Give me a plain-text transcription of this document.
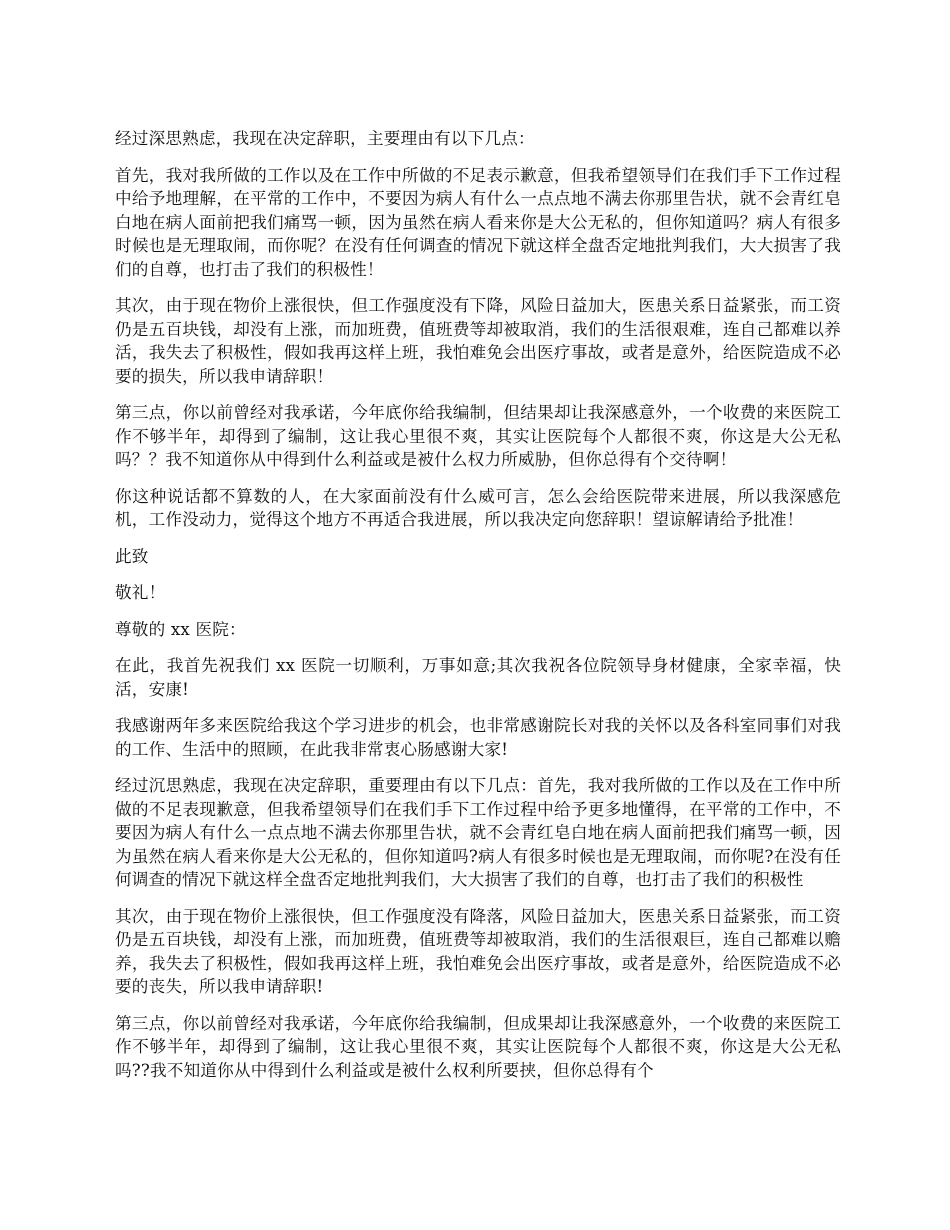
经过深思熟虑，我现在决定辞职，主要理由有以下几点：

首先，我对我所做的工作以及在工作中所做的不足表示歉意，但我希望领导们在我们手下工作过程中给予地理解，在平常的工作中，不要因为病人有什么一点点地不满去你那里告状，就不会青红皂白地在病人面前把我们痛骂一顿，因为虽然在病人看来你是大公无私的，但你知道吗？病人有很多时候也是无理取闹，而你呢？在没有任何调查的情况下就这样全盘否定地批判我们，大大损害了我们的自尊，也打击了我们的积极性！

其次，由于现在物价上涨很快，但工作强度没有下降，风险日益加大，医患关系日益紧张，而工资仍是五百块钱，却没有上涨，而加班费，值班费等却被取消，我们的生活很艰难，连自己都难以养活，我失去了积极性，假如我再这样上班，我怕难免会出医疗事故，或者是意外，给医院造成不必要的损失，所以我申请辞职！

第三点，你以前曾经对我承诺，今年底你给我编制，但结果却让我深感意外，一个收费的来医院工作不够半年，却得到了编制，这让我心里很不爽，其实让医院每个人都很不爽，你这是大公无私吗？？我不知道你从中得到什么利益或是被什么权力所威胁，但你总得有个交待啊！

你这种说话都不算数的人，在大家面前没有什么威可言，怎么会给医院带来进展，所以我深感危机，工作没动力，觉得这个地方不再适合我进展，所以我决定向您辞职！望谅解请给予批准！

此致

敬礼！

尊敬的 xx 医院：

在此，我首先祝我们 xx 医院一切顺利，万事如意;其次我祝各位院领导身材健康，全家幸福，快活，安康!

我感谢两年多来医院给我这个学习进步的机会，也非常感谢院长对我的关怀以及各科室同事们对我的工作、生活中的照顾，在此我非常衷心肠感谢大家!

经过沉思熟虑，我现在决定辞职，重要理由有以下几点：首先，我对我所做的工作以及在工作中所做的不足表现歉意，但我希望领导们在我们手下工作过程中给予更多地懂得，在平常的工作中，不要因为病人有什么一点点地不满去你那里告状，就不会青红皂白地在病人面前把我们痛骂一顿，因为虽然在病人看来你是大公无私的，但你知道吗?病人有很多时候也是无理取闹，而你呢?在没有任何调查的情况下就这样全盘否定地批判我们，大大损害了我们的自尊，也打击了我们的积极性

其次，由于现在物价上涨很快，但工作强度没有降落，风险日益加大，医患关系日益紧张，而工资仍是五百块钱，却没有上涨，而加班费，值班费等却被取消，我们的生活很艰巨，连自己都难以赡养，我失去了积极性，假如我再这样上班，我怕难免会出医疗事故，或者是意外，给医院造成不必要的丧失，所以我申请辞职!

第三点，你以前曾经对我承诺，今年底你给我编制，但成果却让我深感意外，一个收费的来医院工作不够半年，却得到了编制，这让我心里很不爽，其实让医院每个人都很不爽，你这是大公无私吗??我不知道你从中得到什么利益或是被什么权利所要挟，但你总得有个
